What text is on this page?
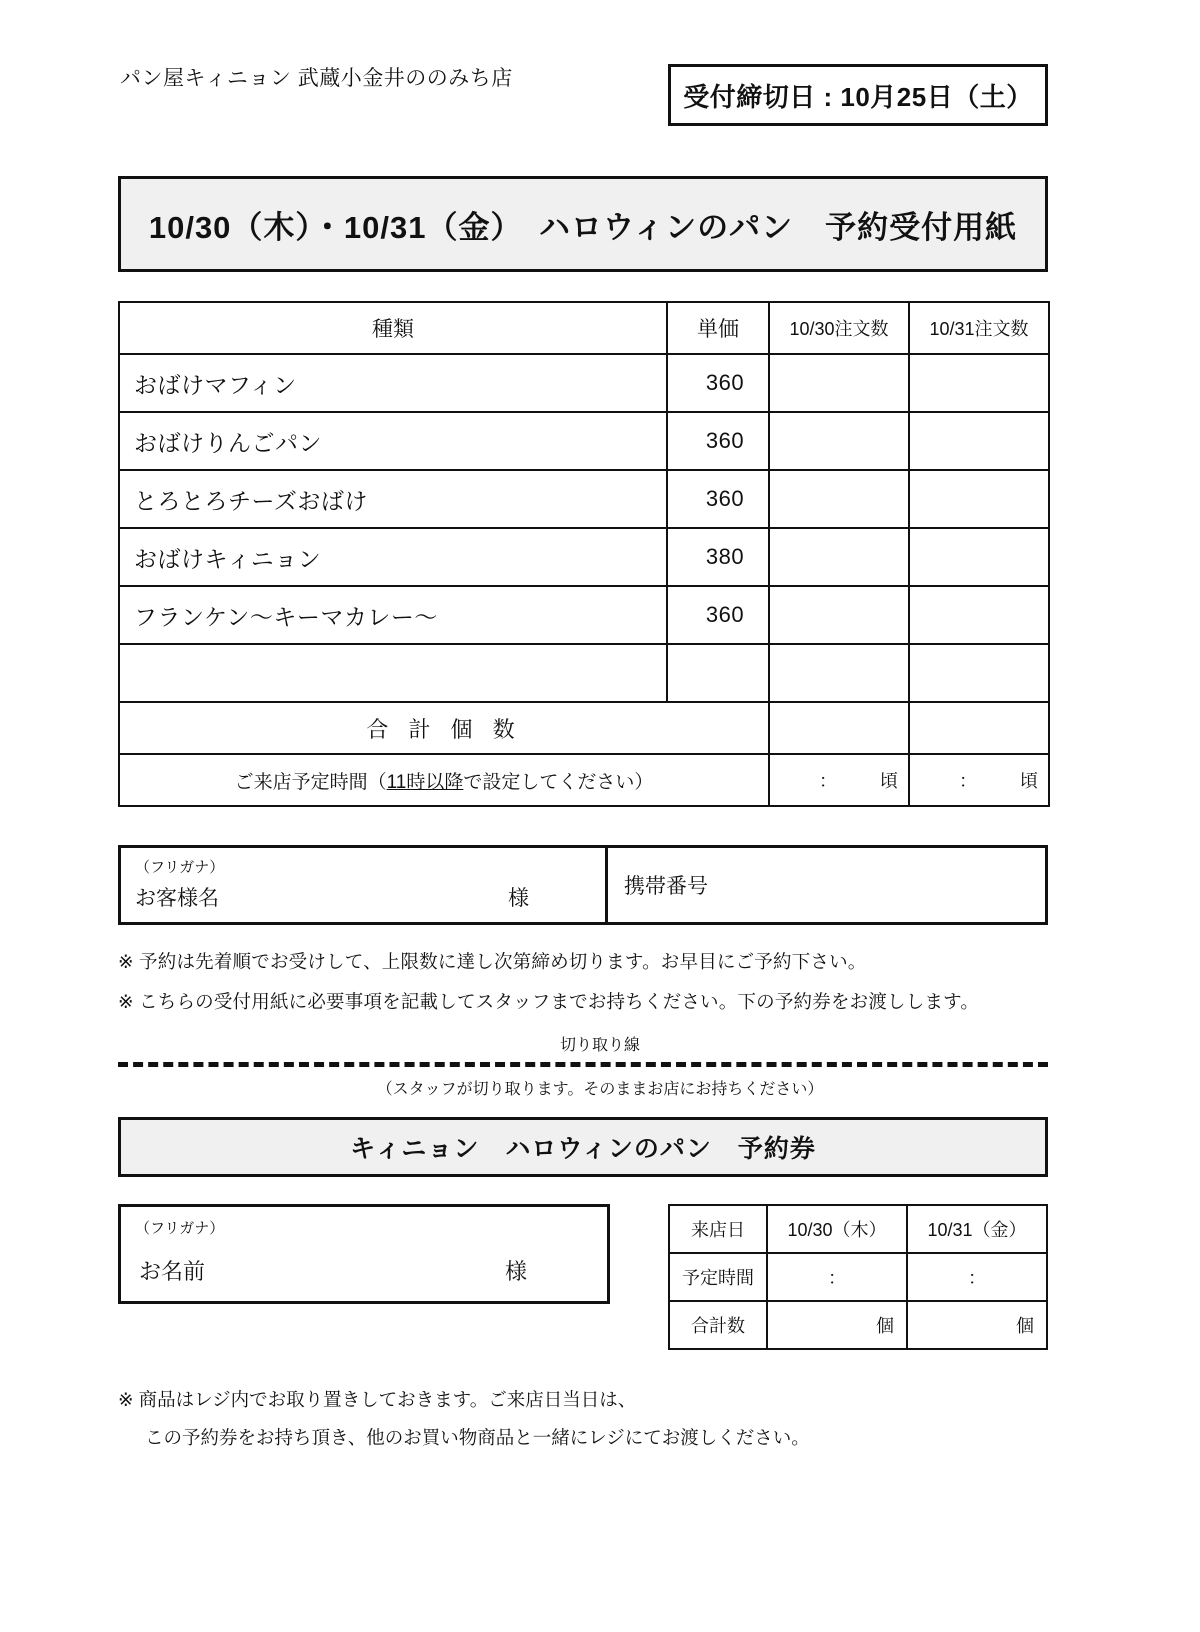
パン屋キィニョン 武蔵小金井ののみち店
受付締切日 : 10月25日（土）
10/30（木）・10/31（金）　ハロウィンのパン　予約受付用紙
種類	単価	10/30注文数	10/31注文数
おばけマフィン	360		
おばけりんごパン	360		
とろとろチーズおばけ	360		
おばけキィニョン	380		
フランケン〜キーマカレー〜	360		

合 計 個 数			
ご来店予定時間（11時以降で設定してください）		： 頃	： 頃
（フリガナ）
お客様名	様
携帯番号
※ 予約は先着順でお受けして、上限数に達し次第締め切ります。お早目にご予約下さい。
※ こちらの受付用紙に必要事項を記載してスタッフまでお持ちください。下の予約券をお渡しします。
切り取り線
（スタッフが切り取ります。そのままお店にお持ちください）
キィニョン　ハロウィンのパン　予約券
（フリガナ）
お名前	様
来店日	10/30（木）	10/31（金）
予定時間	：	：
合計数	個	個
※ 商品はレジ内でお取り置きしておきます。ご来店日当日は、
この予約券をお持ち頂き、他のお買い物商品と一緒にレジにてお渡しください。
